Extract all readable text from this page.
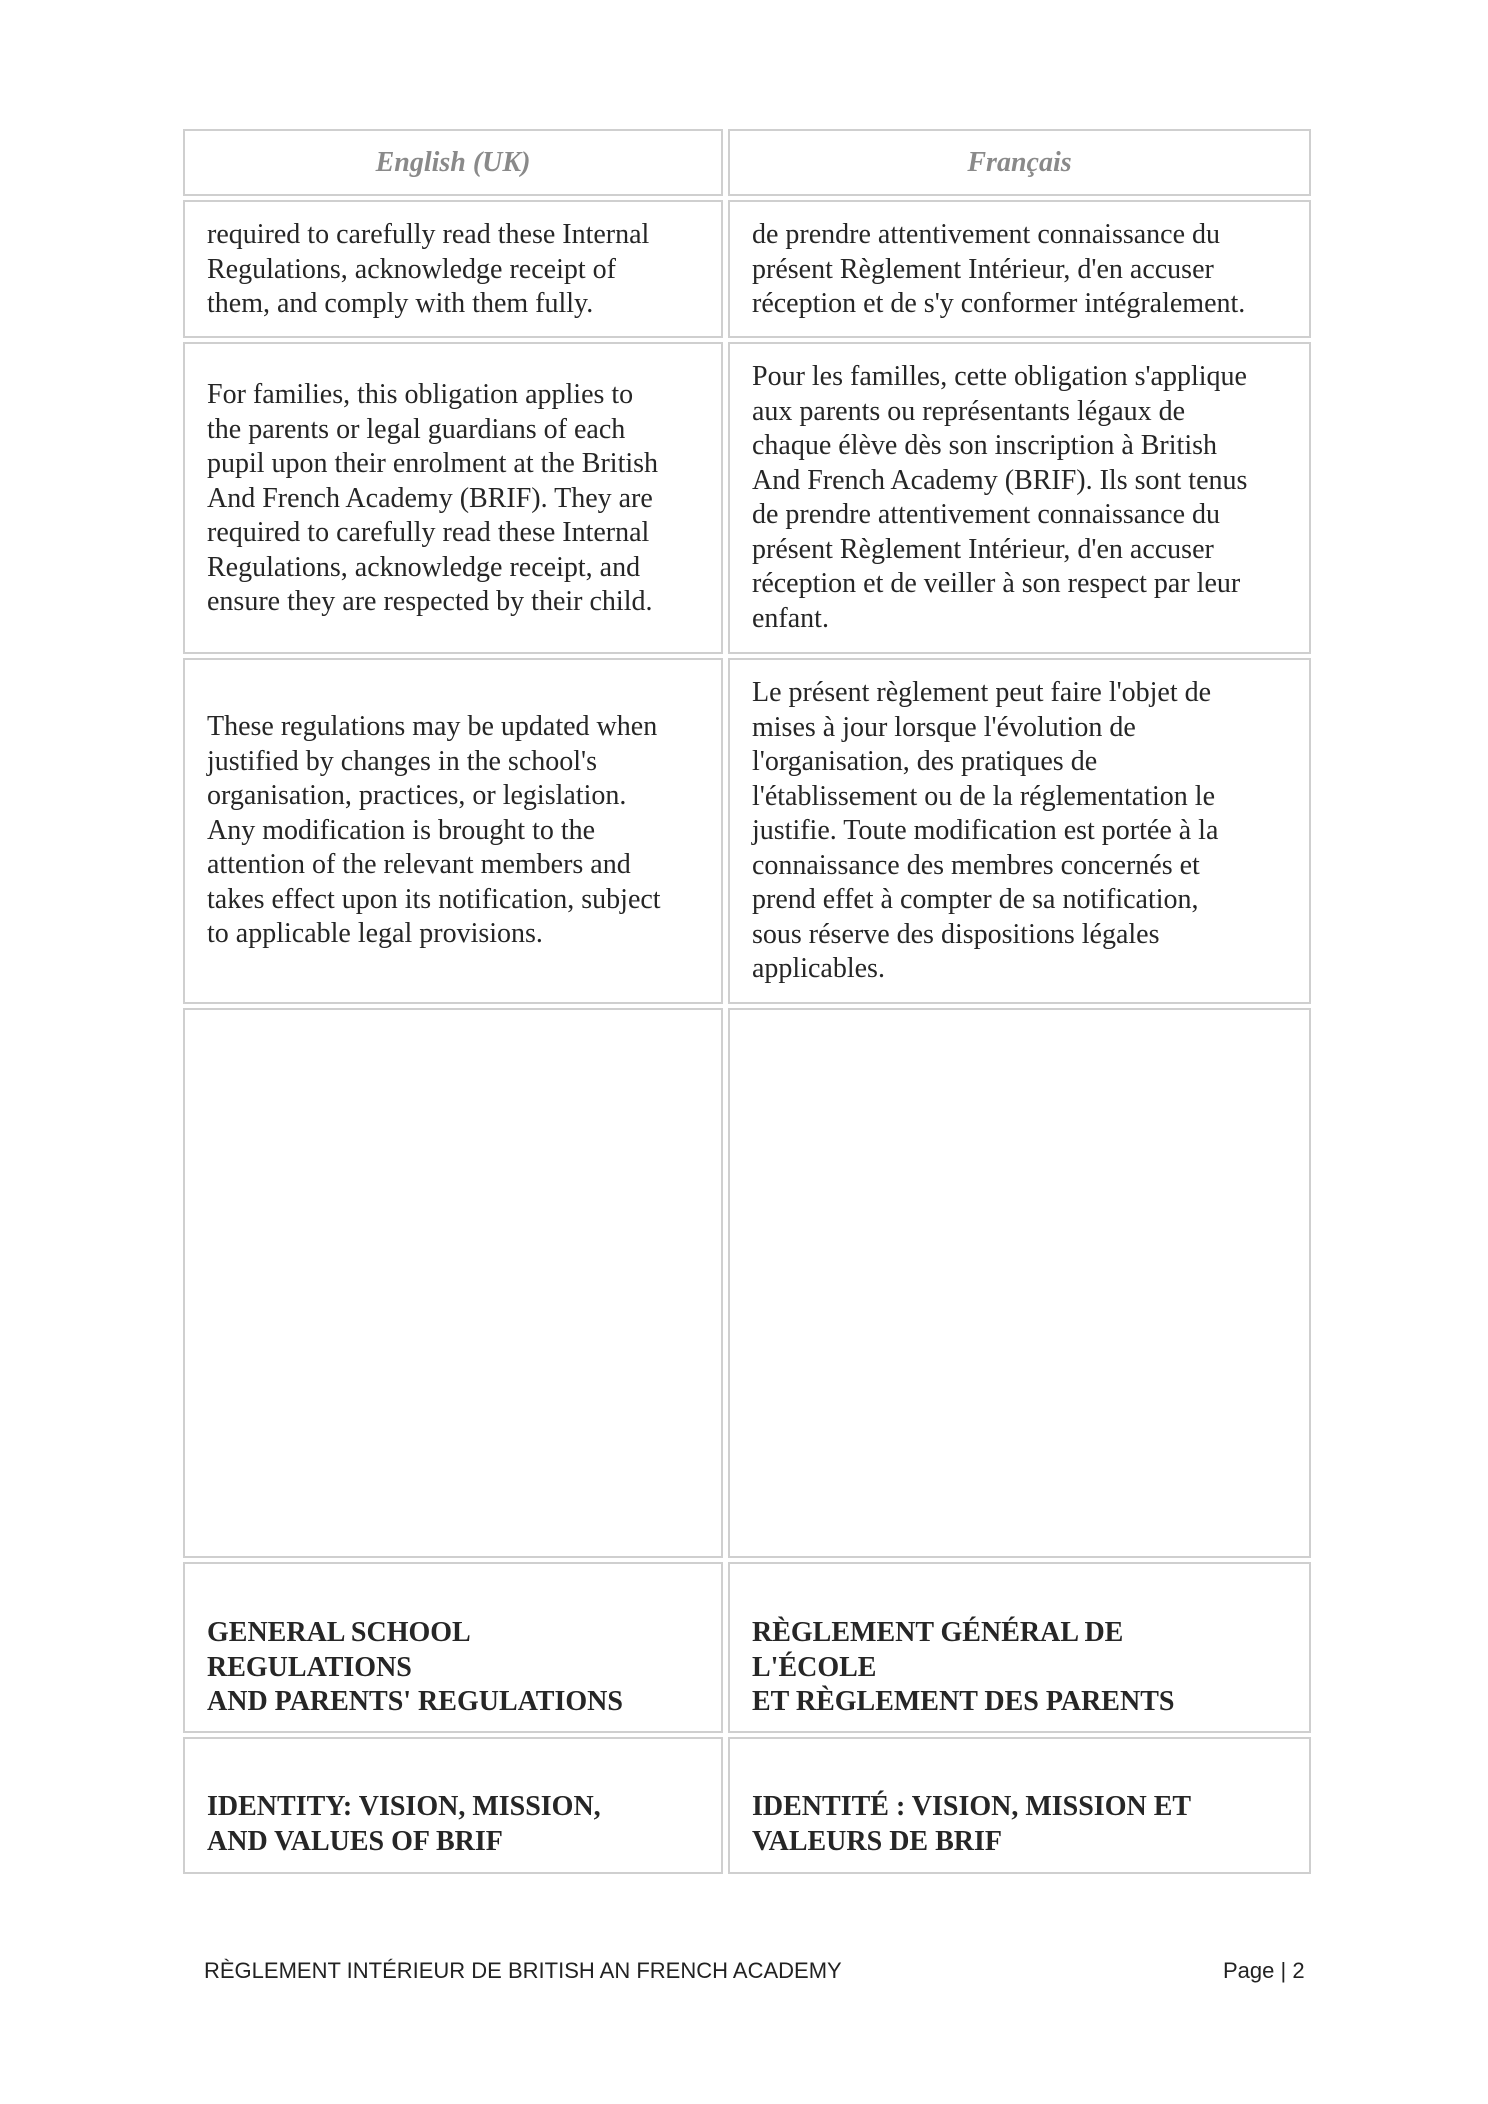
English (UK)	Français
required to carefully read these Internal
Regulations, acknowledge receipt of
them, and comply with them fully.
de prendre attentivement connaissance du
présent Règlement Intérieur, d'en accuser
réception et de s'y conformer intégralement.
For families, this obligation applies to
the parents or legal guardians of each
pupil upon their enrolment at the British
And French Academy (BRIF). They are
required to carefully read these Internal
Regulations, acknowledge receipt, and
ensure they are respected by their child.
Pour les familles, cette obligation s'applique
aux parents ou représentants légaux de
chaque élève dès son inscription à British
And French Academy (BRIF). Ils sont tenus
de prendre attentivement connaissance du
présent Règlement Intérieur, d'en accuser
réception et de veiller à son respect par leur
enfant.
These regulations may be updated when
justified by changes in the school's
organisation, practices, or legislation.
Any modification is brought to the
attention of the relevant members and
takes effect upon its notification, subject
to applicable legal provisions.
Le présent règlement peut faire l'objet de
mises à jour lorsque l'évolution de
l'organisation, des pratiques de
l'établissement ou de la réglementation le
justifie. Toute modification est portée à la
connaissance des membres concernés et
prend effet à compter de sa notification,
sous réserve des dispositions légales
applicables.
GENERAL SCHOOL
REGULATIONS
AND PARENTS' REGULATIONS
RÈGLEMENT GÉNÉRAL DE
L'ÉCOLE
ET RÈGLEMENT DES PARENTS
IDENTITY: VISION, MISSION,
AND VALUES OF BRIF
IDENTITÉ : VISION, MISSION ET
VALEURS DE BRIF
RÈGLEMENT INTÉRIEUR DE BRITISH AN FRENCH ACADEMY	Page | 2
